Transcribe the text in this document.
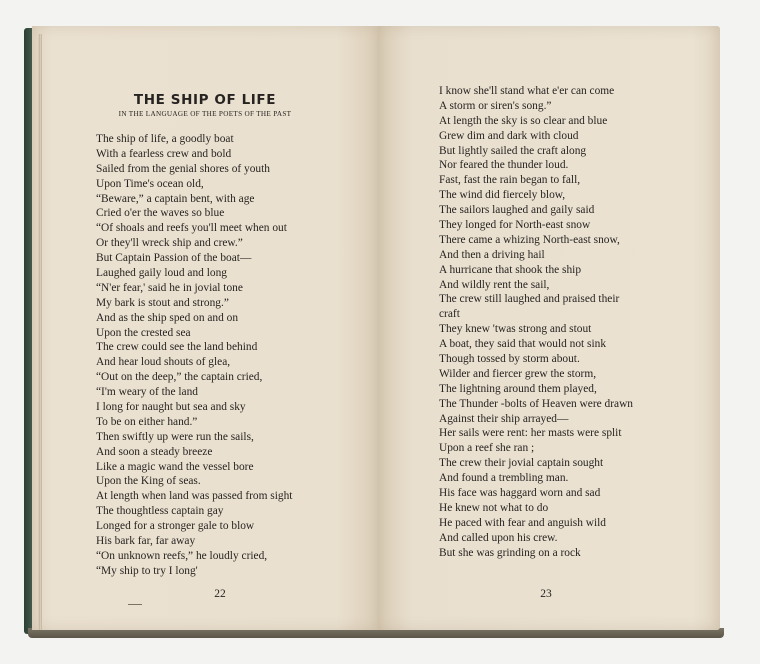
THE SHIP OF LIFE
IN THE LANGUAGE OF THE POETS OF THE PAST
The ship of life, a goodly boat
With a fearless crew and bold
Sailed from the genial shores of youth
Upon Time's ocean old,
“Beware,” a captain bent, with age
Cried o'er the waves so blue
“Of shoals and reefs you'll meet when out
Or they'll wreck ship and crew.”
But Captain Passion of the boat—
Laughed gaily loud and long
“N'er fear,' said he in jovial tone
My bark is stout and strong.”
And as the ship sped on and on
Upon the crested sea
The crew could see the land behind
And hear loud shouts of glea,
“Out on the deep,” the captain cried,
“I'm weary of the land
I long for naught but sea and sky
To be on either hand.”
Then swiftly up were run the sails,
And soon a steady breeze
Like a magic wand the vessel bore
Upon the King of seas.
At length when land was passed from sight
The thoughtless captain gay
Longed for a stronger gale to blow
His bark far, far away
“On unknown reefs,” he loudly cried,
“My ship to try I long'
22
I know she'll stand what e'er can come
A storm or siren's song.”
At length the sky is so clear and blue
Grew dim and dark with cloud
But lightly sailed the craft along
Nor feared the thunder loud.
Fast, fast the rain began to fall,
The wind did fiercely blow,
The sailors laughed and gaily said
They longed for North-east snow
There came a whizing North-east snow,
And then a driving hail
A hurricane that shook the ship
And wildly rent the sail,
The crew still laughed and praised their
craft
They knew 'twas strong and stout
A boat, they said that would not sink
Though tossed by storm about.
Wilder and fiercer grew the storm,
The lightning around them played,
The Thunder -bolts of Heaven were drawn
Against their ship arrayed—
Her sails were rent: her masts were split
Upon a reef she ran ;
The crew their jovial captain sought
And found a trembling man.
His face was haggard worn and sad
He knew not what to do
He paced with fear and anguish wild
And called upon his crew.
But she was grinding on a rock
23
